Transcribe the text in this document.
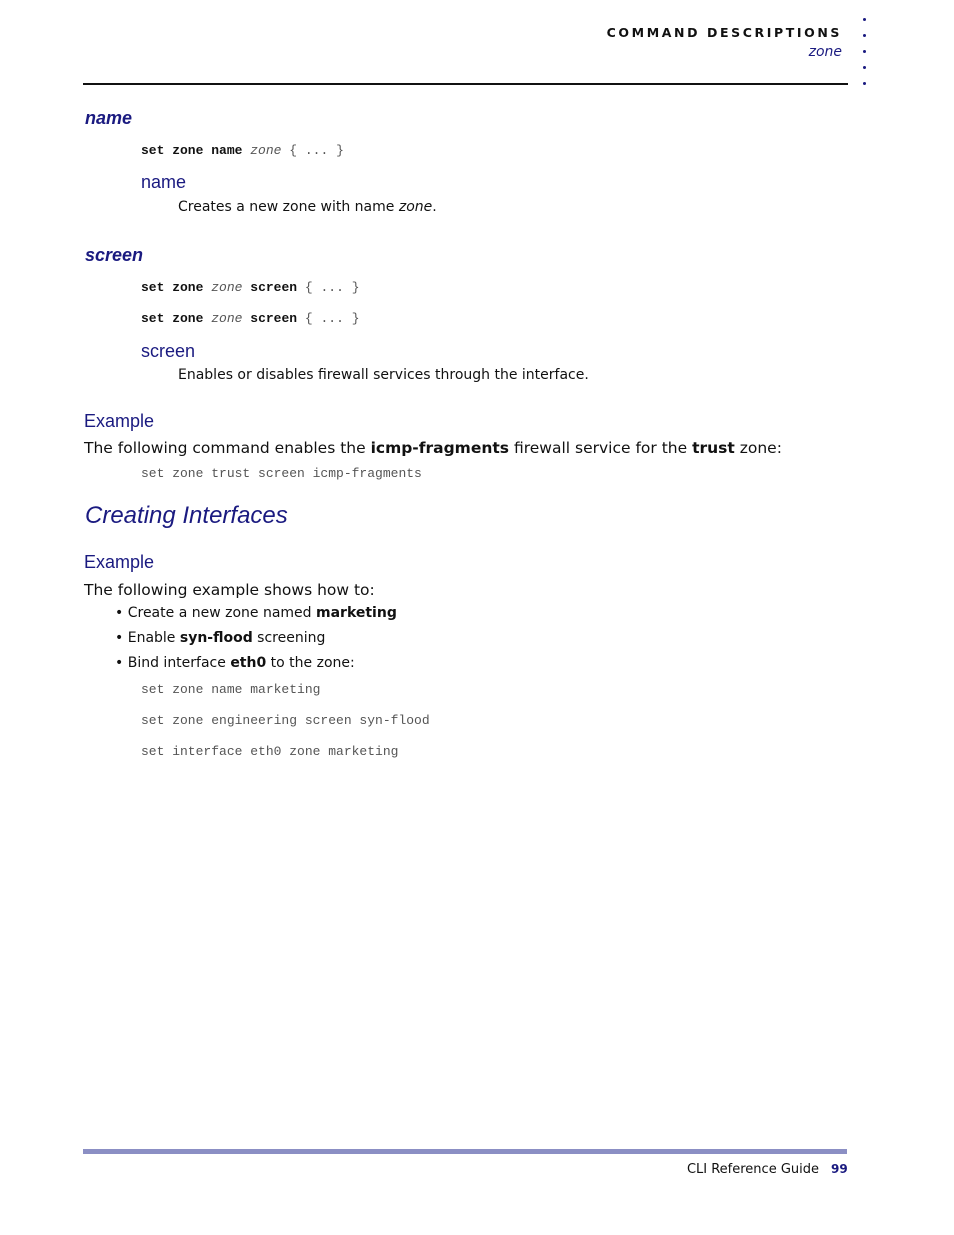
COMMAND DESCRIPTIONS
zone
name
set zone name zone { ... }
name
Creates a new zone with name zone.
screen
set zone zone screen { ... }
set zone zone screen { ... }
screen
Enables or disables firewall services through the interface.
Example
The following command enables the icmp-fragments firewall service for the trust zone:
set zone trust screen icmp-fragments
Creating Interfaces
Example
The following example shows how to:
• Create a new zone named marketing
• Enable syn-flood screening
• Bind interface eth0 to the zone:
set zone name marketing
set zone engineering screen syn-flood
set interface eth0 zone marketing
CLI Reference Guide 99
